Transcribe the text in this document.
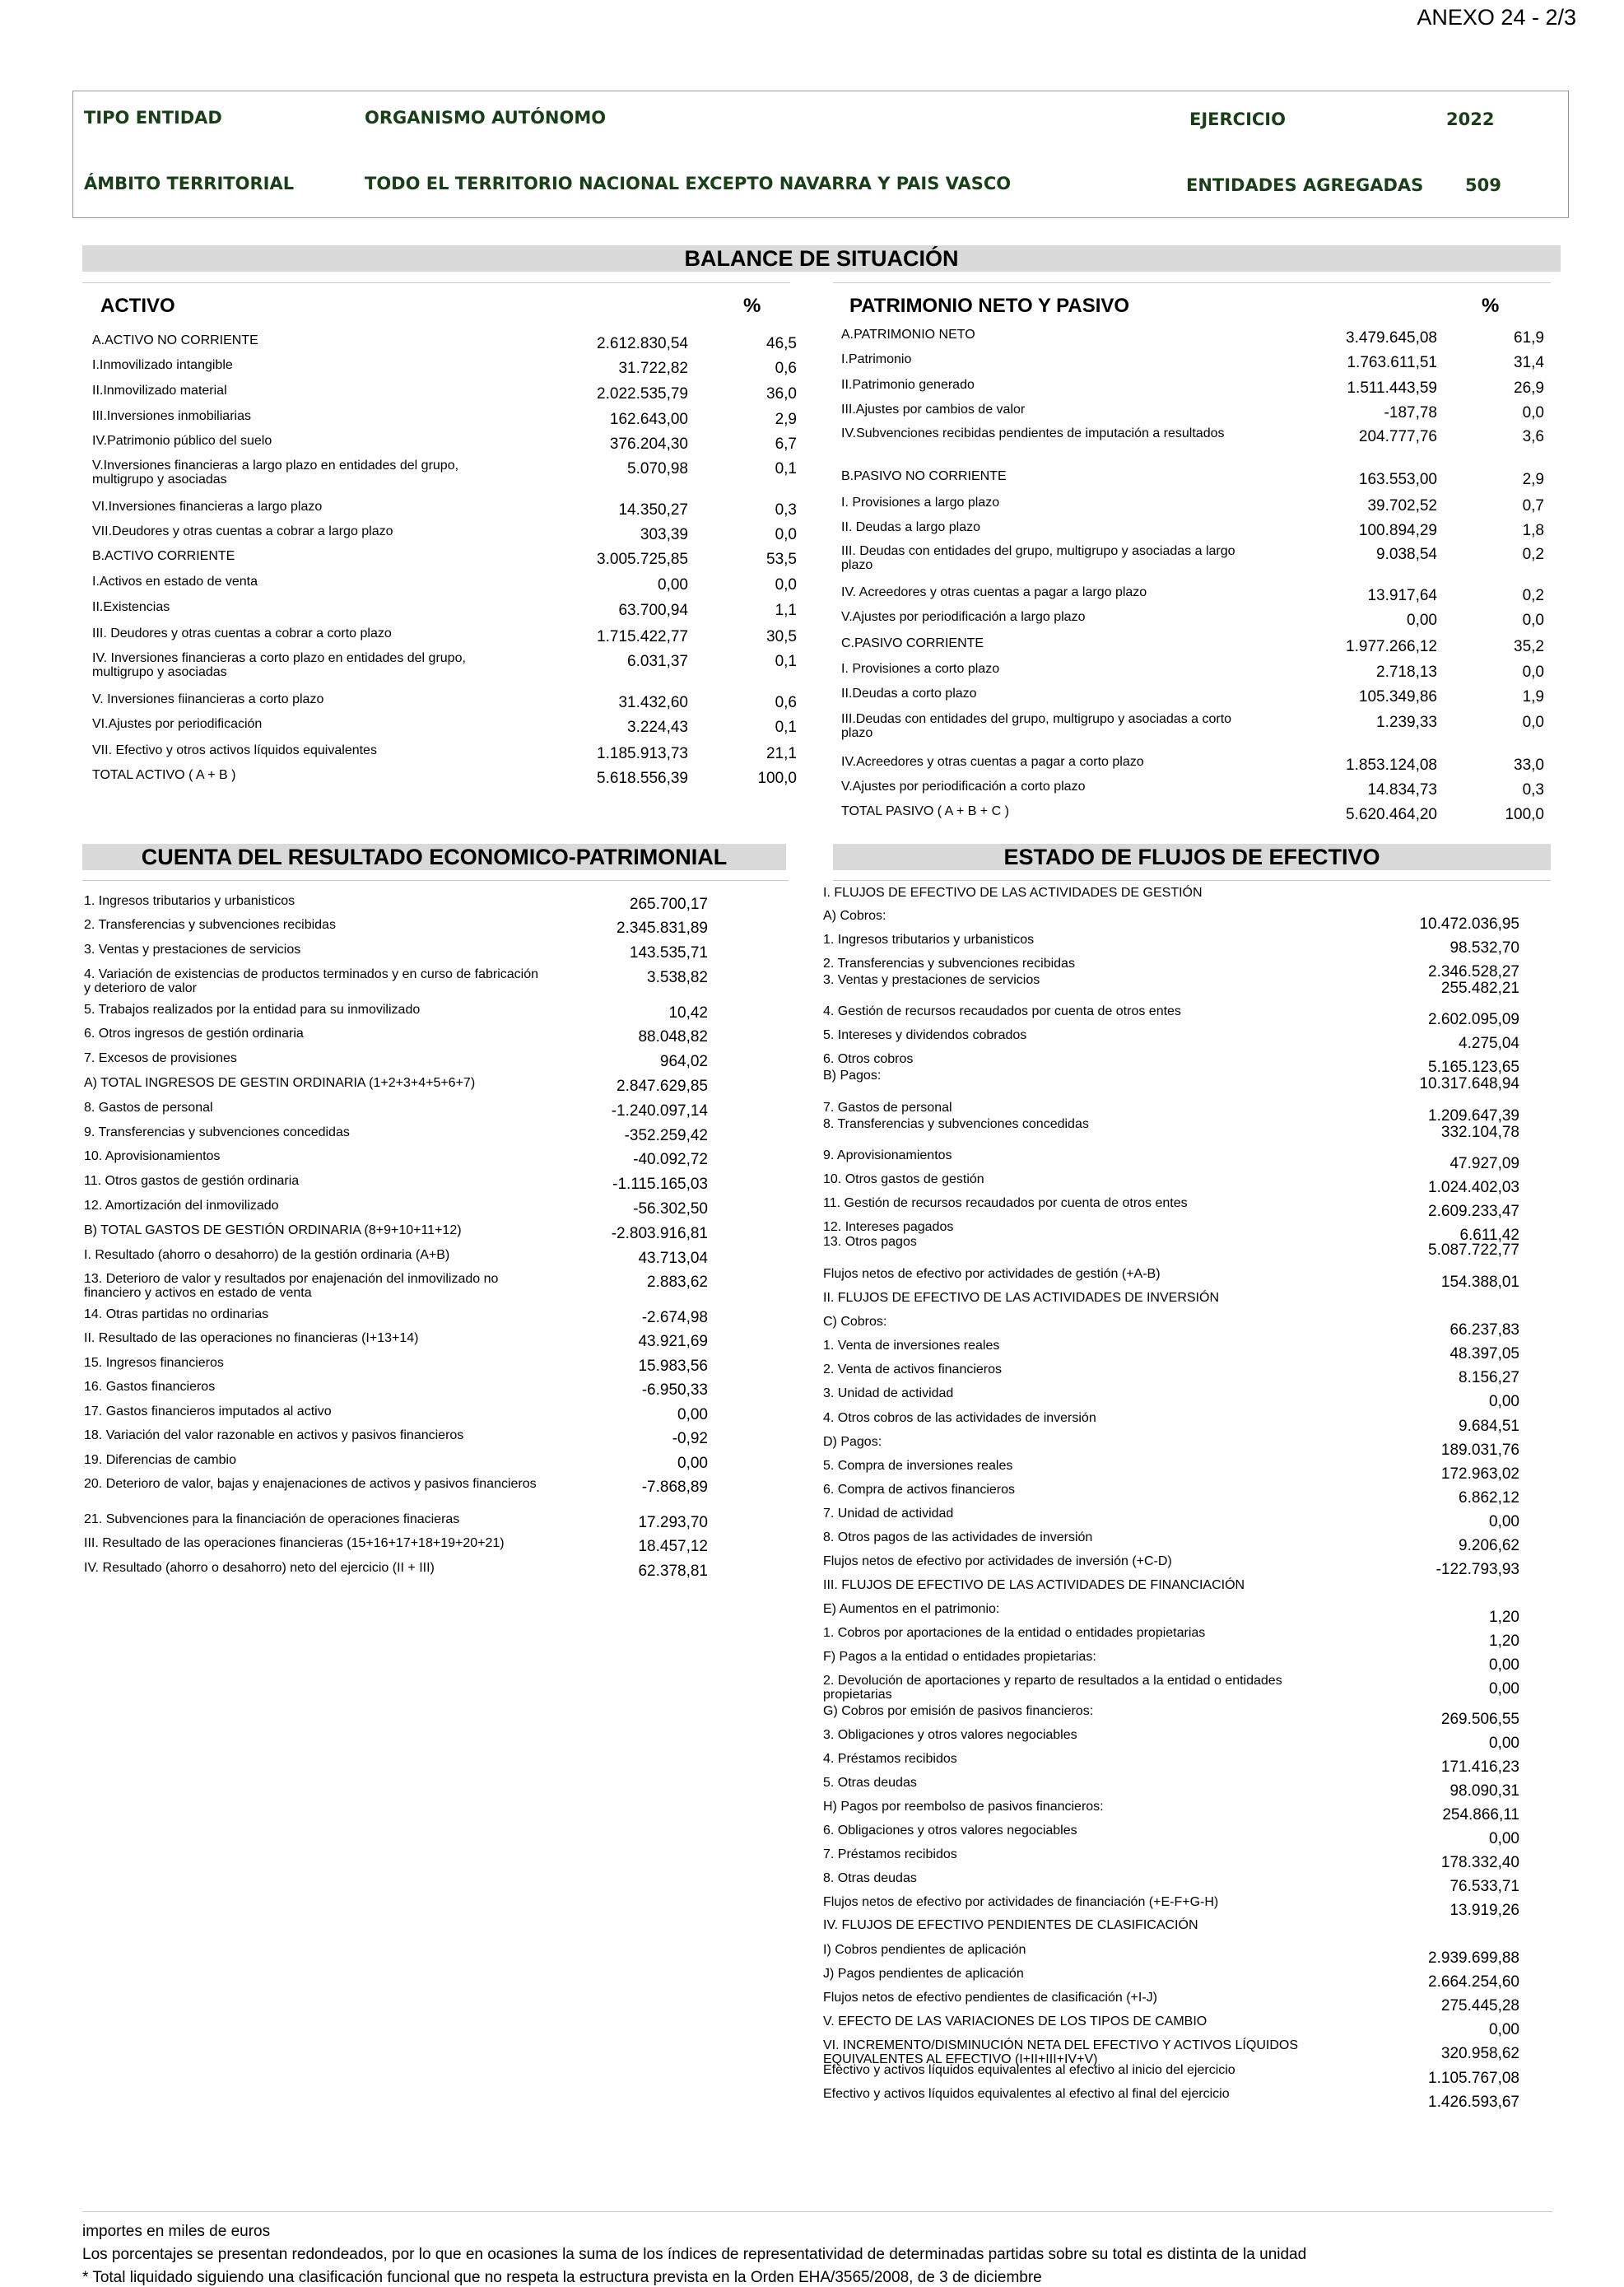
ANEXO 24 - 2/3
TIPO ENTIDAD	ORGANISMO AUTÓNOMO	EJERCICIO	2022
ÁMBITO TERRITORIAL	TODO EL TERRITORIO NACIONAL EXCEPTO NAVARRA Y PAIS VASCO	ENTIDADES AGREGADAS 509
BALANCE DE SITUACIÓN
ACTIVO	%	PATRIMONIO NETO Y PASIVO	%
A.ACTIVO NO CORRIENTE	2.612.830,54	46,5
I.Inmovilizado intangible	31.722,82	0,6
II.Inmovilizado material	2.022.535,79	36,0
III.Inversiones inmobiliarias	162.643,00	2,9
IV.Patrimonio público del suelo	376.204,30	6,7
V.Inversiones financieras a largo plazo en entidades del grupo, multigrupo y asociadas
5.070,98	0,1
VI.Inversiones financieras a largo plazo	14.350,27	0,3
VII.Deudores y otras cuentas a cobrar a largo plazo	303,39	0,0
B.ACTIVO CORRIENTE	3.005.725,85	53,5
I.Activos en estado de venta	0,00	0,0
II.Existencias	63.700,94	1,1
III. Deudores y otras cuentas a cobrar a corto plazo	1.715.422,77	30,5
IV. Inversiones financieras a corto plazo en entidades del grupo, multigrupo y asociadas
6.031,37	0,1
V. Inversiones fiinancieras a corto plazo	31.432,60	0,6
VI.Ajustes por periodificación	3.224,43	0,1
VII. Efectivo y otros activos líquidos equivalentes	1.185.913,73	21,1
TOTAL ACTIVO ( A + B )	5.618.556,39	100,0
A.PATRIMONIO NETO	3.479.645,08	61,9
I.Patrimonio	1.763.611,51	31,4
II.Patrimonio generado	1.511.443,59	26,9
III.Ajustes por cambios de valor	-187,78	0,0
IV.Subvenciones recibidas pendientes de imputación a resultados	204.777,76	3,6
B.PASIVO NO CORRIENTE	163.553,00	2,9
I. Provisiones a largo plazo	39.702,52	0,7
II. Deudas a largo plazo	100.894,29	1,8
III. Deudas con entidades del grupo, multigrupo y asociadas a largo plazo
9.038,54	0,2
IV. Acreedores y otras cuentas a pagar a largo plazo	13.917,64	0,2
V.Ajustes por periodificación a largo plazo	0,00	0,0
C.PASIVO CORRIENTE	1.977.266,12	35,2
I. Provisiones a corto plazo	2.718,13	0,0
II.Deudas a corto plazo	105.349,86	1,9
III.Deudas con entidades del grupo, multigrupo y asociadas a corto plazo
1.239,33	0,0
IV.Acreedores y otras cuentas a pagar a corto plazo	1.853.124,08	33,0
V.Ajustes por periodificación a corto plazo	14.834,73	0,3
TOTAL PASIVO ( A + B + C )	5.620.464,20	100,0
CUENTA DEL RESULTADO ECONOMICO-PATRIMONIAL
1. Ingresos tributarios y urbanisticos	265.700,17
2. Transferencias y subvenciones recibidas	2.345.831,89
3. Ventas y prestaciones de servicios	143.535,71
4. Variación de existencias de productos terminados y en curso de fabricación y deterioro de valor
3.538,82
5. Trabajos realizados por la entidad para su inmovilizado	10,42
6. Otros ingresos de gestión ordinaria	88.048,82
7. Excesos de provisiones	964,02
A) TOTAL INGRESOS DE GESTIN ORDINARIA (1+2+3+4+5+6+7)	2.847.629,85
8. Gastos de personal	-1.240.097,14
9. Transferencias y subvenciones concedidas	-352.259,42
10. Aprovisionamientos	-40.092,72
11. Otros gastos de gestión ordinaria	-1.115.165,03
12. Amortización del inmovilizado	-56.302,50
B) TOTAL GASTOS DE GESTIÓN ORDINARIA (8+9+10+11+12)	-2.803.916,81
I. Resultado (ahorro o desahorro) de la gestión ordinaria (A+B)	43.713,04
13. Deterioro de valor y resultados por enajenación del inmovilizado no financiero y activos en estado de venta
2.883,62
14. Otras partidas no ordinarias	-2.674,98
II. Resultado de las operaciones no financieras (I+13+14)	43.921,69
15. Ingresos financieros	15.983,56
16. Gastos financieros	-6.950,33
17. Gastos financieros imputados al activo	0,00
18. Variación del valor razonable en activos y pasivos financieros	-0,92
19. Diferencias de cambio	0,00
20. Deterioro de valor, bajas y enajenaciones de activos y pasivos financieros	-7.868,89
21. Subvenciones para la financiación de operaciones finacieras	17.293,70
III. Resultado de las operaciones financieras (15+16+17+18+19+20+21)	18.457,12
IV. Resultado (ahorro o desahorro) neto del ejercicio (II + III)	62.378,81
ESTADO DE FLUJOS DE EFECTIVO
I. FLUJOS DE EFECTIVO DE LAS ACTIVIDADES DE GESTIÓN
A) Cobros:	10.472.036,95
1. Ingresos tributarios y urbanisticos	98.532,70
2. Transferencias y subvenciones recibidas	2.346.528,27
3. Ventas y prestaciones de servicios	255.482,21
4. Gestión de recursos recaudados por cuenta de otros entes	2.602.095,09
5. Intereses y dividendos cobrados	4.275,04
6. Otros cobros	5.165.123,65
B) Pagos:	10.317.648,94
7. Gastos de personal	1.209.647,39
8. Transferencias y subvenciones concedidas	332.104,78
9. Aprovisionamientos	47.927,09
10. Otros gastos de gestión	1.024.402,03
11. Gestión de recursos recaudados por cuenta de otros entes	2.609.233,47
12. Intereses pagados	6.611,42
13. Otros pagos	5.087.722,77
Flujos netos de efectivo por actividades de gestión (+A-B)	154.388,01
II. FLUJOS DE EFECTIVO DE LAS ACTIVIDADES DE INVERSIÓN
C) Cobros:	66.237,83
1. Venta de inversiones reales	48.397,05
2. Venta de activos financieros	8.156,27
3. Unidad de actividad	0,00
4. Otros cobros de las actividades de inversión	9.684,51
D) Pagos:	189.031,76
5. Compra de inversiones reales	172.963,02
6. Compra de activos financieros	6.862,12
7. Unidad de actividad	0,00
8. Otros pagos de las actividades de inversión	9.206,62
Flujos netos de efectivo por actividades de inversión (+C-D)	-122.793,93
III. FLUJOS DE EFECTIVO DE LAS ACTIVIDADES DE FINANCIACIÓN
E) Aumentos en el patrimonio:	1,20
1. Cobros por aportaciones de la entidad o entidades propietarias	1,20
F) Pagos a la entidad o entidades propietarias:	0,00
2. Devolución de aportaciones y reparto de resultados a la entidad o entidades propietarias	0,00
G) Cobros por emisión de pasivos financieros:	269.506,55
3. Obligaciones y otros valores negociables	0,00
4. Préstamos recibidos	171.416,23
5. Otras deudas	98.090,31
H) Pagos por reembolso de pasivos financieros:	254.866,11
6. Obligaciones y otros valores negociables	0,00
7. Préstamos recibidos	178.332,40
8. Otras deudas	76.533,71
Flujos netos de efectivo por actividades de financiación (+E-F+G-H)	13.919,26
IV. FLUJOS DE EFECTIVO PENDIENTES DE CLASIFICACIÓN
I) Cobros pendientes de aplicación	2.939.699,88
J) Pagos pendientes de aplicación	2.664.254,60
Flujos netos de efectivo pendientes de clasificación (+I-J)	275.445,28
V. EFECTO DE LAS VARIACIONES DE LOS TIPOS DE CAMBIO	0,00
VI. INCREMENTO/DISMINUCIÓN NETA DEL EFECTIVO Y ACTIVOS LÍQUIDOS EQUIVALENTES AL EFECTIVO (I+II+III+IV+V)	320.958,62
Efectivo y activos líquidos equivalentes al efectivo al inicio del ejercicio	1.105.767,08
Efectivo y activos líquidos equivalentes al efectivo al final del ejercicio	1.426.593,67
importes en miles de euros
Los porcentajes se presentan redondeados, por lo que en ocasiones la suma de los índices de representatividad de determinadas partidas sobre su total es distinta de la unidad
* Total liquidado siguiendo una clasificación funcional que no respeta la estructura prevista en la Orden EHA/3565/2008, de 3 de diciembre
